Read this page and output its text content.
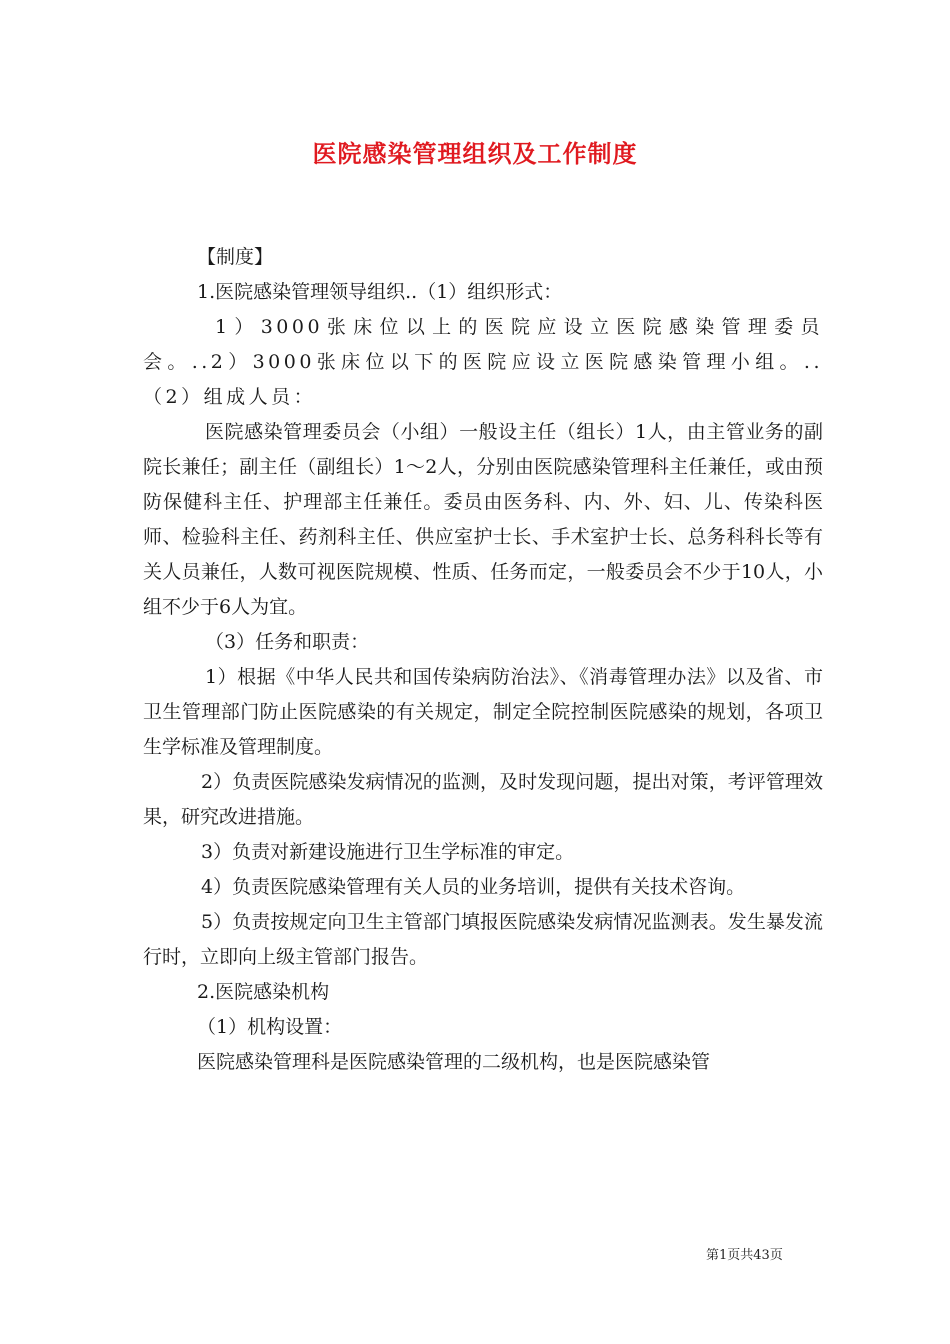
医院感染管理组织及工作制度

【制度】

1.医院感染管理领导组织..（1）组织形式：

1）3000张床位以上的医院应设立医院感染管理委员会。..2）3000张床位以下的医院应设立医院感染管理小组。..（2）组成人员：

医院感染管理委员会（小组）一般设主任（组长）1人，由主管业务的副院长兼任；副主任（副组长）1～2人，分别由医院感染管理科主任兼任，或由预防保健科主任、护理部主任兼任。委员由医务科、内、外、妇、儿、传染科医师、检验科主任、药剂科主任、供应室护士长、手术室护士长、总务科科长等有关人员兼任，人数可视医院规模、性质、任务而定，一般委员会不少于10人，小组不少于6人为宜。

（3）任务和职责：

1）根据《中华人民共和国传染病防治法》、《消毒管理办法》以及省、市卫生管理部门防止医院感染的有关规定，制定全院控制医院感染的规划，各项卫生学标准及管理制度。

2）负责医院感染发病情况的监测，及时发现问题，提出对策，考评管理效果，研究改进措施。

3）负责对新建设施进行卫生学标准的审定。

4）负责医院感染管理有关人员的业务培训，提供有关技术咨询。

5）负责按规定向卫生主管部门填报医院感染发病情况监测表。发生暴发流行时，立即向上级主管部门报告。

2.医院感染机构

（1）机构设置：

医院感染管理科是医院感染管理的二级机构，也是医院感染管

第1页共43页
